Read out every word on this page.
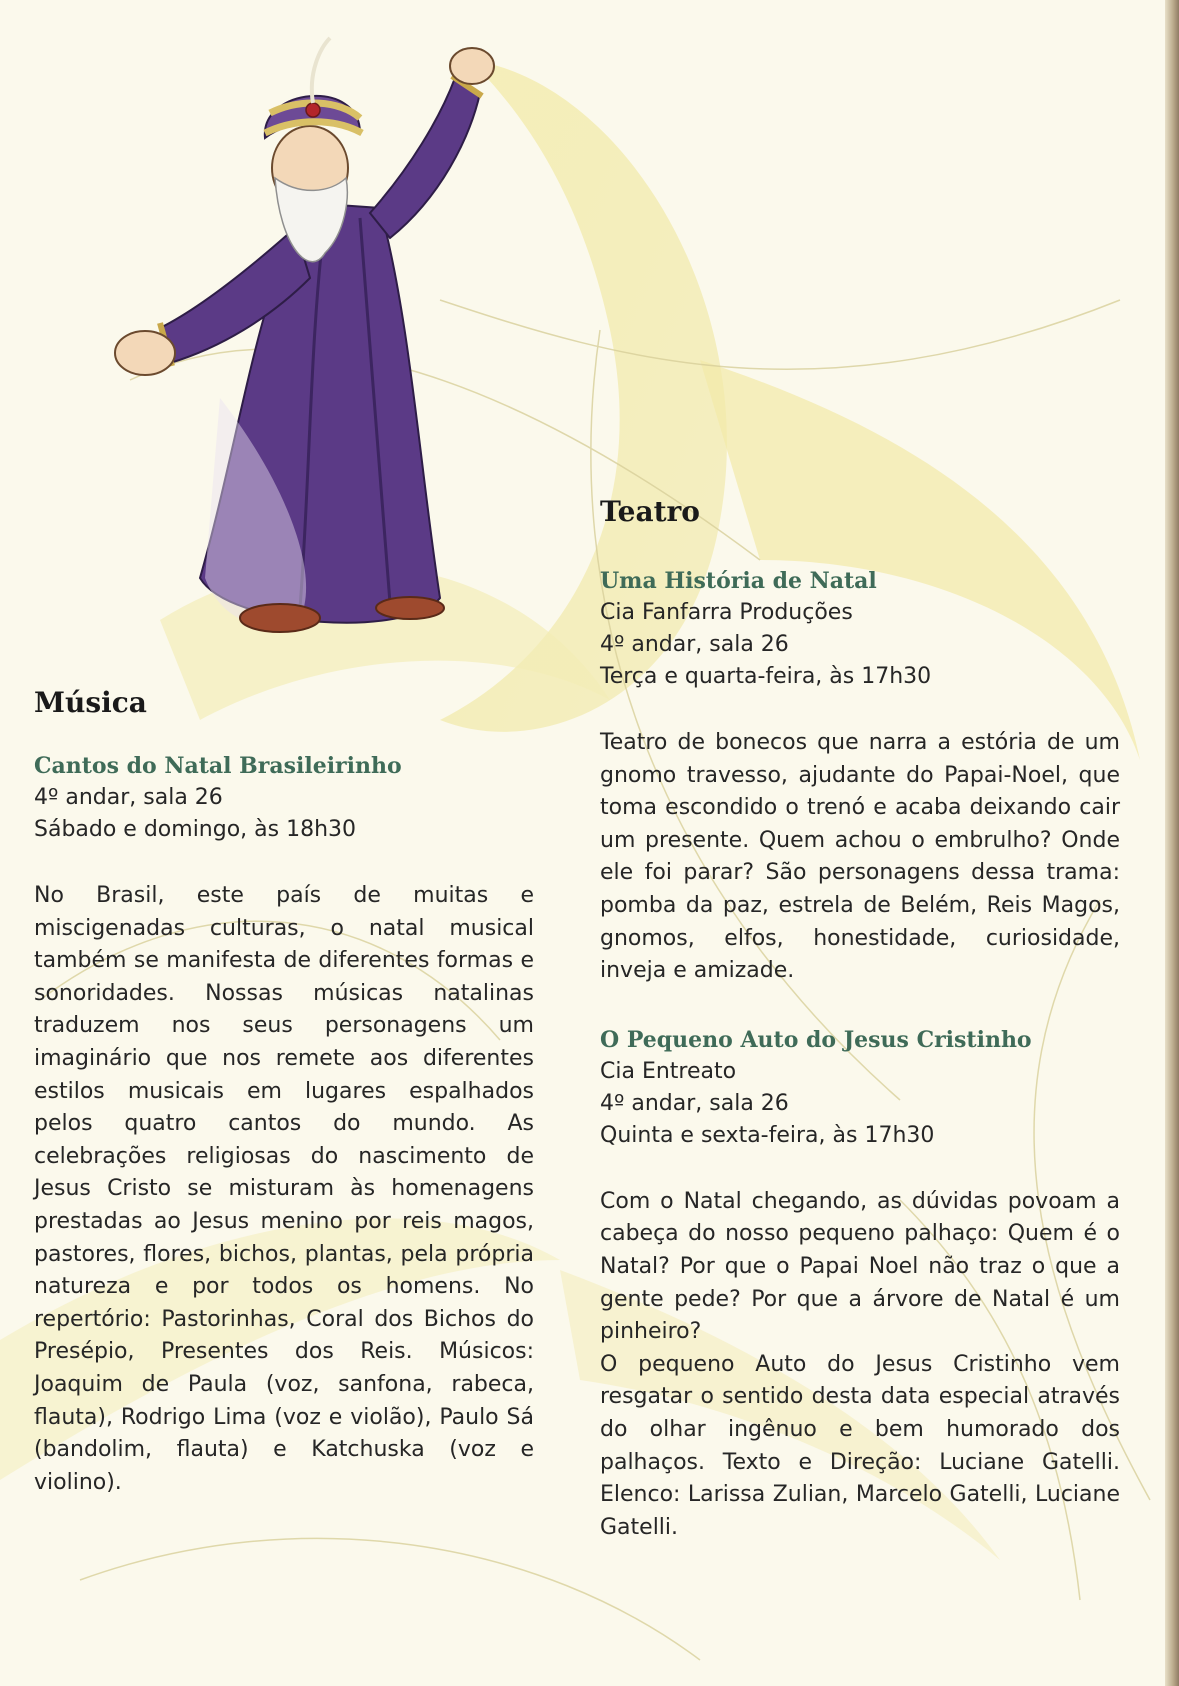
Música

Cantos do Natal Brasileirinho

4º andar, sala 26

Sábado e domingo, às 18h30

No Brasil, este país de muitas e miscigenadas culturas, o natal musical também se manifesta de diferentes formas e sonoridades. Nossas músicas natalinas traduzem nos seus personagens um imaginário que nos remete aos diferentes estilos musicais em lugares espalhados pelos quatro cantos do mundo. As celebrações religiosas do nascimento de Jesus Cristo se misturam às homenagens prestadas ao Jesus menino por reis magos, pastores, flores, bichos, plantas, pela própria natureza e por todos os homens. No repertório: Pastorinhas, Coral dos Bichos do Presépio, Presentes dos Reis. Músicos: Joaquim de Paula (voz, sanfona, rabeca, flauta), Rodrigo Lima (voz e violão), Paulo Sá (bandolim, flauta) e Katchuska (voz e violino).

Teatro

Uma História de Natal

Cia Fanfarra Produções

4º andar, sala 26

Terça e quarta-feira, às 17h30

Teatro de bonecos que narra a estória de um gnomo travesso, ajudante do Papai-Noel, que toma escondido o trenó e acaba deixando cair um presente. Quem achou o embrulho? Onde ele foi parar? São personagens dessa trama: pomba da paz, estrela de Belém, Reis Magos, gnomos, elfos, honestidade, curiosidade, inveja e amizade.

O Pequeno Auto do Jesus Cristinho

Cia Entreato

4º andar, sala 26

Quinta e sexta-feira, às 17h30

Com o Natal chegando, as dúvidas povoam a cabeça do nosso pequeno palhaço: Quem é o Natal? Por que o Papai Noel não traz o que a gente pede? Por que a árvore de Natal é um pinheiro?

O pequeno Auto do Jesus Cristinho vem resgatar o sentido desta data especial através do olhar ingênuo e bem humorado dos palhaços. Texto e Direção: Luciane Gatelli. Elenco: Larissa Zulian, Marcelo Gatelli, Luciane Gatelli.
